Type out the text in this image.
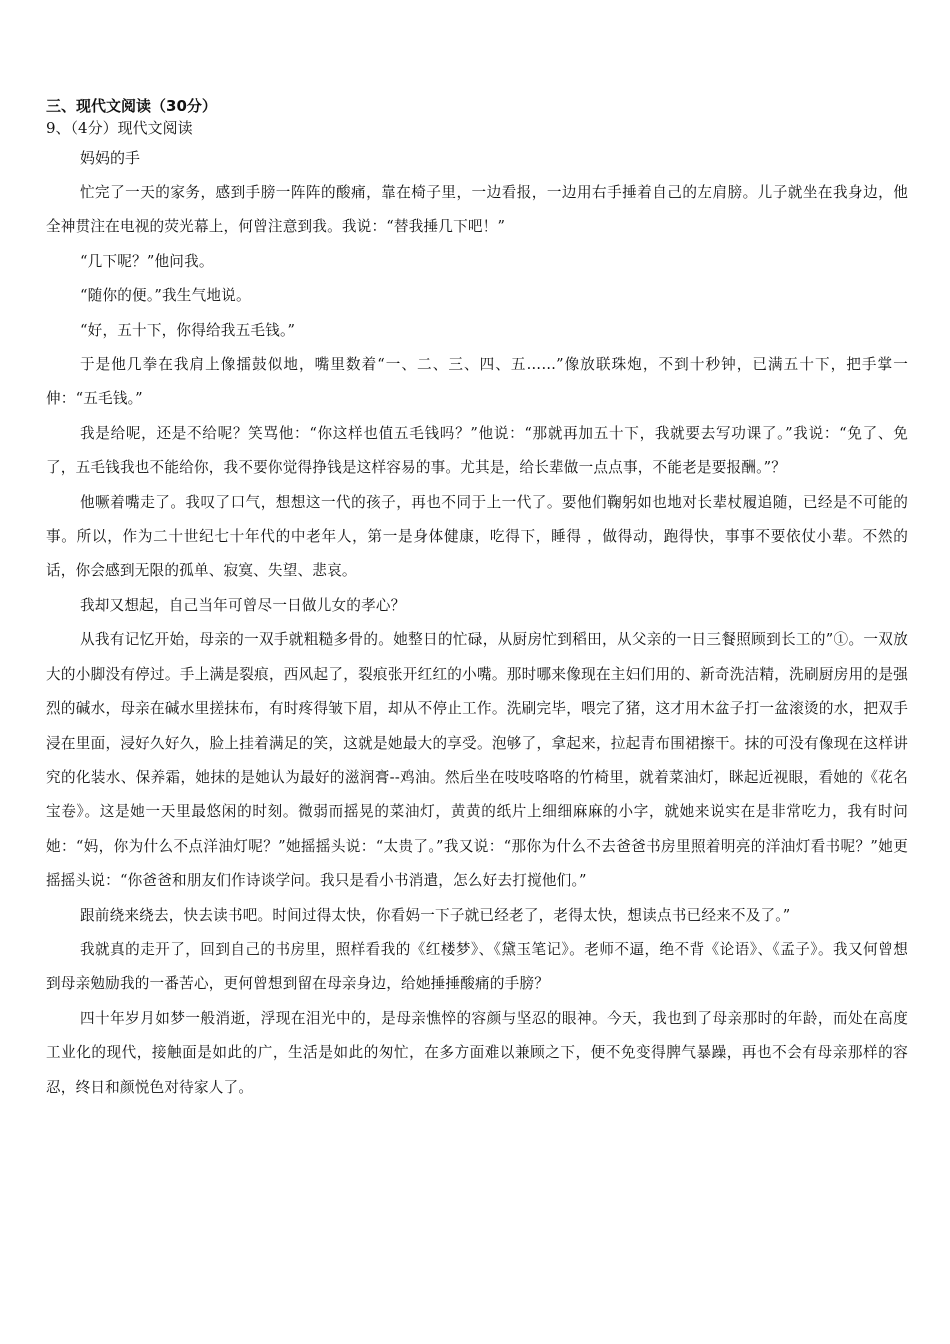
三、现代文阅读（30分）

9、（4分）现代文阅读

妈妈的手

忙完了一天的家务，感到手膀一阵阵的酸痛，靠在椅子里，一边看报，一边用右手捶着自己的左肩膀。儿子就坐在我身边，他全神贯注在电视的荧光幕上，何曾注意到我。我说：“替我捶几下吧！”

“几下呢？”他问我。

“随你的便。”我生气地说。

“好，五十下，你得给我五毛钱。”

于是他几拳在我肩上像擂鼓似地，嘴里数着“一、二、三、四、五……”像放联珠炮，不到十秒钟，已满五十下，把手掌一伸：“五毛钱。”

我是给呢，还是不给呢？笑骂他：“你这样也值五毛钱吗？”他说：“那就再加五十下，我就要去写功课了。”我说：“免了、免了，五毛钱我也不能给你，我不要你觉得挣钱是这样容易的事。尤其是，给长辈做一点点事，不能老是要报酬。”？

他噘着嘴走了。我叹了口气，想想这一代的孩子，再也不同于上一代了。要他们鞠躬如也地对长辈杖履追随，已经是不可能的事。所以，作为二十世纪七十年代的中老年人，第一是身体健康，吃得下，睡得 ，做得动，跑得快，事事不要依仗小辈。不然的话，你会感到无限的孤单、寂寞、失望、悲哀。

我却又想起，自己当年可曾尽一日做儿女的孝心？

从我有记忆开始，母亲的一双手就粗糙多骨的。她整日的忙碌，从厨房忙到稻田，从父亲的一日三餐照顾到长工的”①。一双放大的小脚没有停过。手上满是裂痕，西风起了，裂痕张开红红的小嘴。那时哪来像现在主妇们用的、新奇洗洁精，洗刷厨房用的是强烈的碱水，母亲在碱水里搓抹布，有时疼得皱下眉，却从不停止工作。洗刷完毕，喂完了猪，这才用木盆子打一盆滚烫的水，把双手浸在里面，浸好久好久，脸上挂着满足的笑，这就是她最大的享受。泡够了，拿起来，拉起青布围裙擦干。抹的可没有像现在这样讲究的化装水、保养霜，她抹的是她认为最好的滋润膏--鸡油。然后坐在吱吱咯咯的竹椅里，就着菜油灯，眯起近视眼，看她的《花名宝卷》。这是她一天里最悠闲的时刻。微弱而摇晃的菜油灯，黄黄的纸片上细细麻麻的小字，就她来说实在是非常吃力，我有时问她：“妈，你为什么不点洋油灯呢？”她摇摇头说：“太贵了。”我又说：“那你为什么不去爸爸书房里照着明亮的洋油灯看书呢？”她更摇摇头说：“你爸爸和朋友们作诗谈学问。我只是看小书消遣，怎么好去打搅他们。”

跟前绕来绕去，快去读书吧。时间过得太快，你看妈一下子就已经老了，老得太快，想读点书已经来不及了。”

我就真的走开了，回到自己的书房里，照样看我的《红楼梦》、《黛玉笔记》。老师不逼，绝不背《论语》、《孟子》。我又何曾想到母亲勉励我的一番苦心，更何曾想到留在母亲身边，给她捶捶酸痛的手膀？

四十年岁月如梦一般消逝，浮现在泪光中的，是母亲憔悴的容颜与坚忍的眼神。今天，我也到了母亲那时的年龄，而处在高度工业化的现代，接触面是如此的广，生活是如此的匆忙，在多方面难以兼顾之下，便不免变得脾气暴躁，再也不会有母亲那样的容忍，终日和颜悦色对待家人了。
